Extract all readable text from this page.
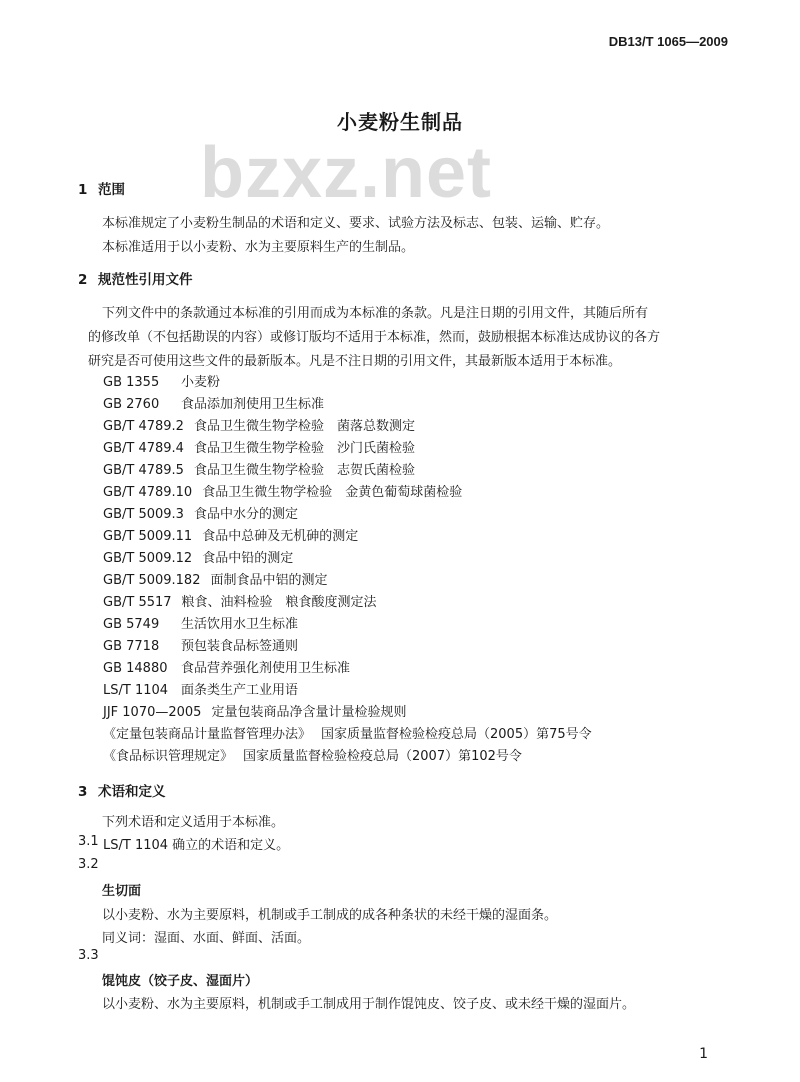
DB13/T 1065—2009
bzxz.net
小麦粉生制品
1 范围
本标准规定了小麦粉生制品的术语和定义、要求、试验方法及标志、包装、运输、贮存。
本标准适用于以小麦粉、水为主要原料生产的生制品。
2 规范性引用文件
下列文件中的条款通过本标准的引用而成为本标准的条款。凡是注日期的引用文件，其随后所有
的修改单（不包括勘误的内容）或修订版均不适用于本标准，然而，鼓励根据本标准达成协议的各方
研究是否可使用这些文件的最新版本。凡是不注日期的引用文件，其最新版本适用于本标准。
GB 1355 小麦粉
GB 2760 食品添加剂使用卫生标准
GB/T 4789.2 食品卫生微生物学检验　菌落总数测定
GB/T 4789.4 食品卫生微生物学检验　沙门氏菌检验
GB/T 4789.5 食品卫生微生物学检验　志贺氏菌检验
GB/T 4789.10 食品卫生微生物学检验　金黄色葡萄球菌检验
GB/T 5009.3 食品中水分的测定
GB/T 5009.11 食品中总砷及无机砷的测定
GB/T 5009.12 食品中铅的测定
GB/T 5009.182 面制食品中铝的测定
GB/T 5517 粮食、油料检验　粮食酸度测定法
GB 5749 生活饮用水卫生标准
GB 7718 预包装食品标签通则
GB 14880 食品营养强化剂使用卫生标准
LS/T 1104 面条类生产工业用语
JJF 1070—2005 定量包装商品净含量计量检验规则
《定量包装商品计量监督管理办法》 国家质量监督检验检疫总局（2005）第75号令
《食品标识管理规定》 国家质量监督检验检疫总局（2007）第102号令
3 术语和定义
下列术语和定义适用于本标准。
3.1 LS/T 1104 确立的术语和定义。
3.2
生切面
以小麦粉、水为主要原料，机制或手工制成的成各种条状的未经干燥的湿面条。
同义词：湿面、水面、鲜面、活面。
3.3
馄饨皮（饺子皮、湿面片）
以小麦粉、水为主要原料，机制或手工制成用于制作馄饨皮、饺子皮、或未经干燥的湿面片。
1
